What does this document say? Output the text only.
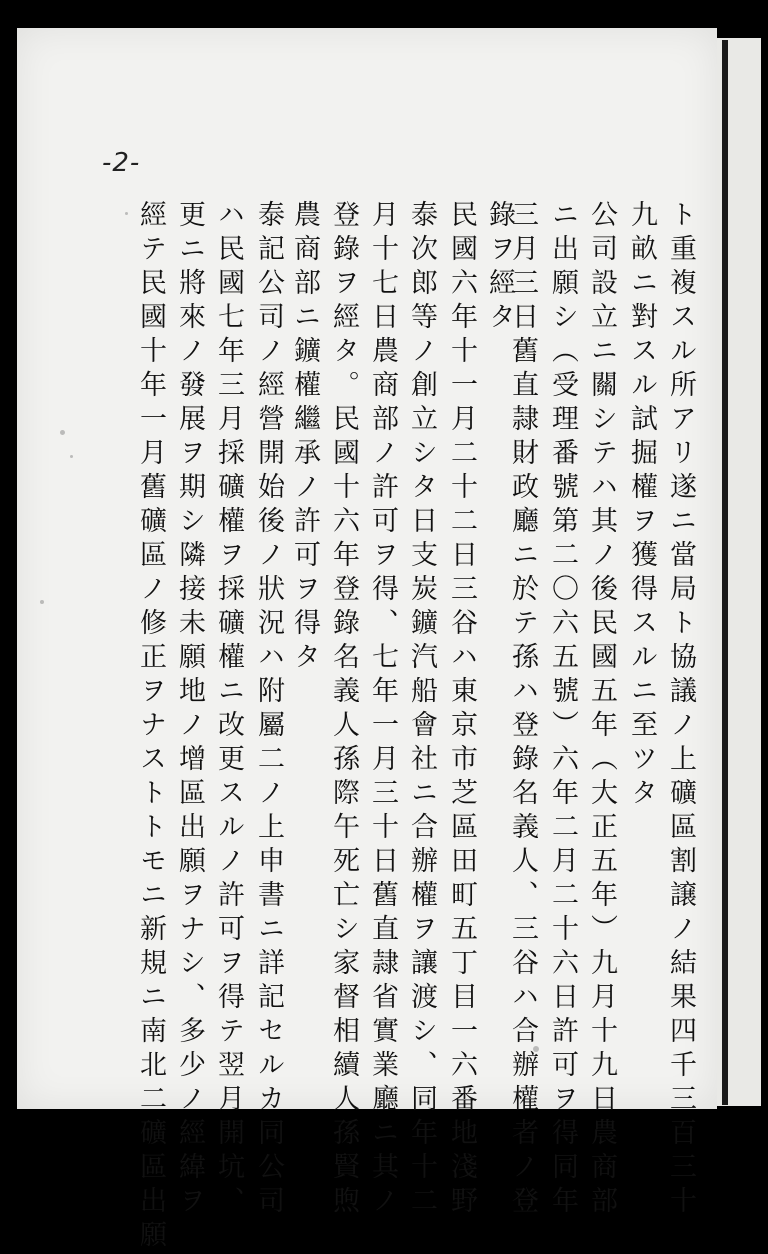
-2-
ト重複スル所アリ遂ニ當局ト協議ノ上礦區割譲ノ結果四千三百三十
九畝ニ對スル試掘權ヲ獲得スルニ至ツタ
公司設立ニ關シテハ其ノ後民國五年（大正五年）九月十九日農商部
ニ出願シ（受理番號第二〇六五號）六年二月二十六日許可ヲ得同年
三月三日舊直隷財政廳ニ於テ孫ハ登錄名義人、三谷ハ合辦權者ノ登
錄ヲ經タ
民國六年十一月二十二日三谷ハ東京市芝區田町五丁目一六番地淺野
泰次郎等ノ創立シタ日支炭鑛汽船會社ニ合辦權ヲ讓渡シ、同年十二
月十七日農商部ノ許可ヲ得、七年一月三十日舊直隷省實業廳ニ其ノ
登錄ヲ經タ。民國十六年登錄名義人孫際午死亡シ家督相續人孫賢煦
農商部ニ鑛權繼承ノ許可ヲ得タ
泰記公司ノ經營開始後ノ狀況ハ附屬二ノ上申書ニ詳記セルカ同公司
ハ民國七年三月採礦權ヲ採礦權ニ改更スルノ許可ヲ得テ翌月開坑、
更ニ將來ノ發展ヲ期シ隣接未願地ノ增區出願ヲナシ、多少ノ經緯ヲ
經テ民國十年一月舊礦區ノ修正ヲナストトモニ新規ニ南北二礦區出願
